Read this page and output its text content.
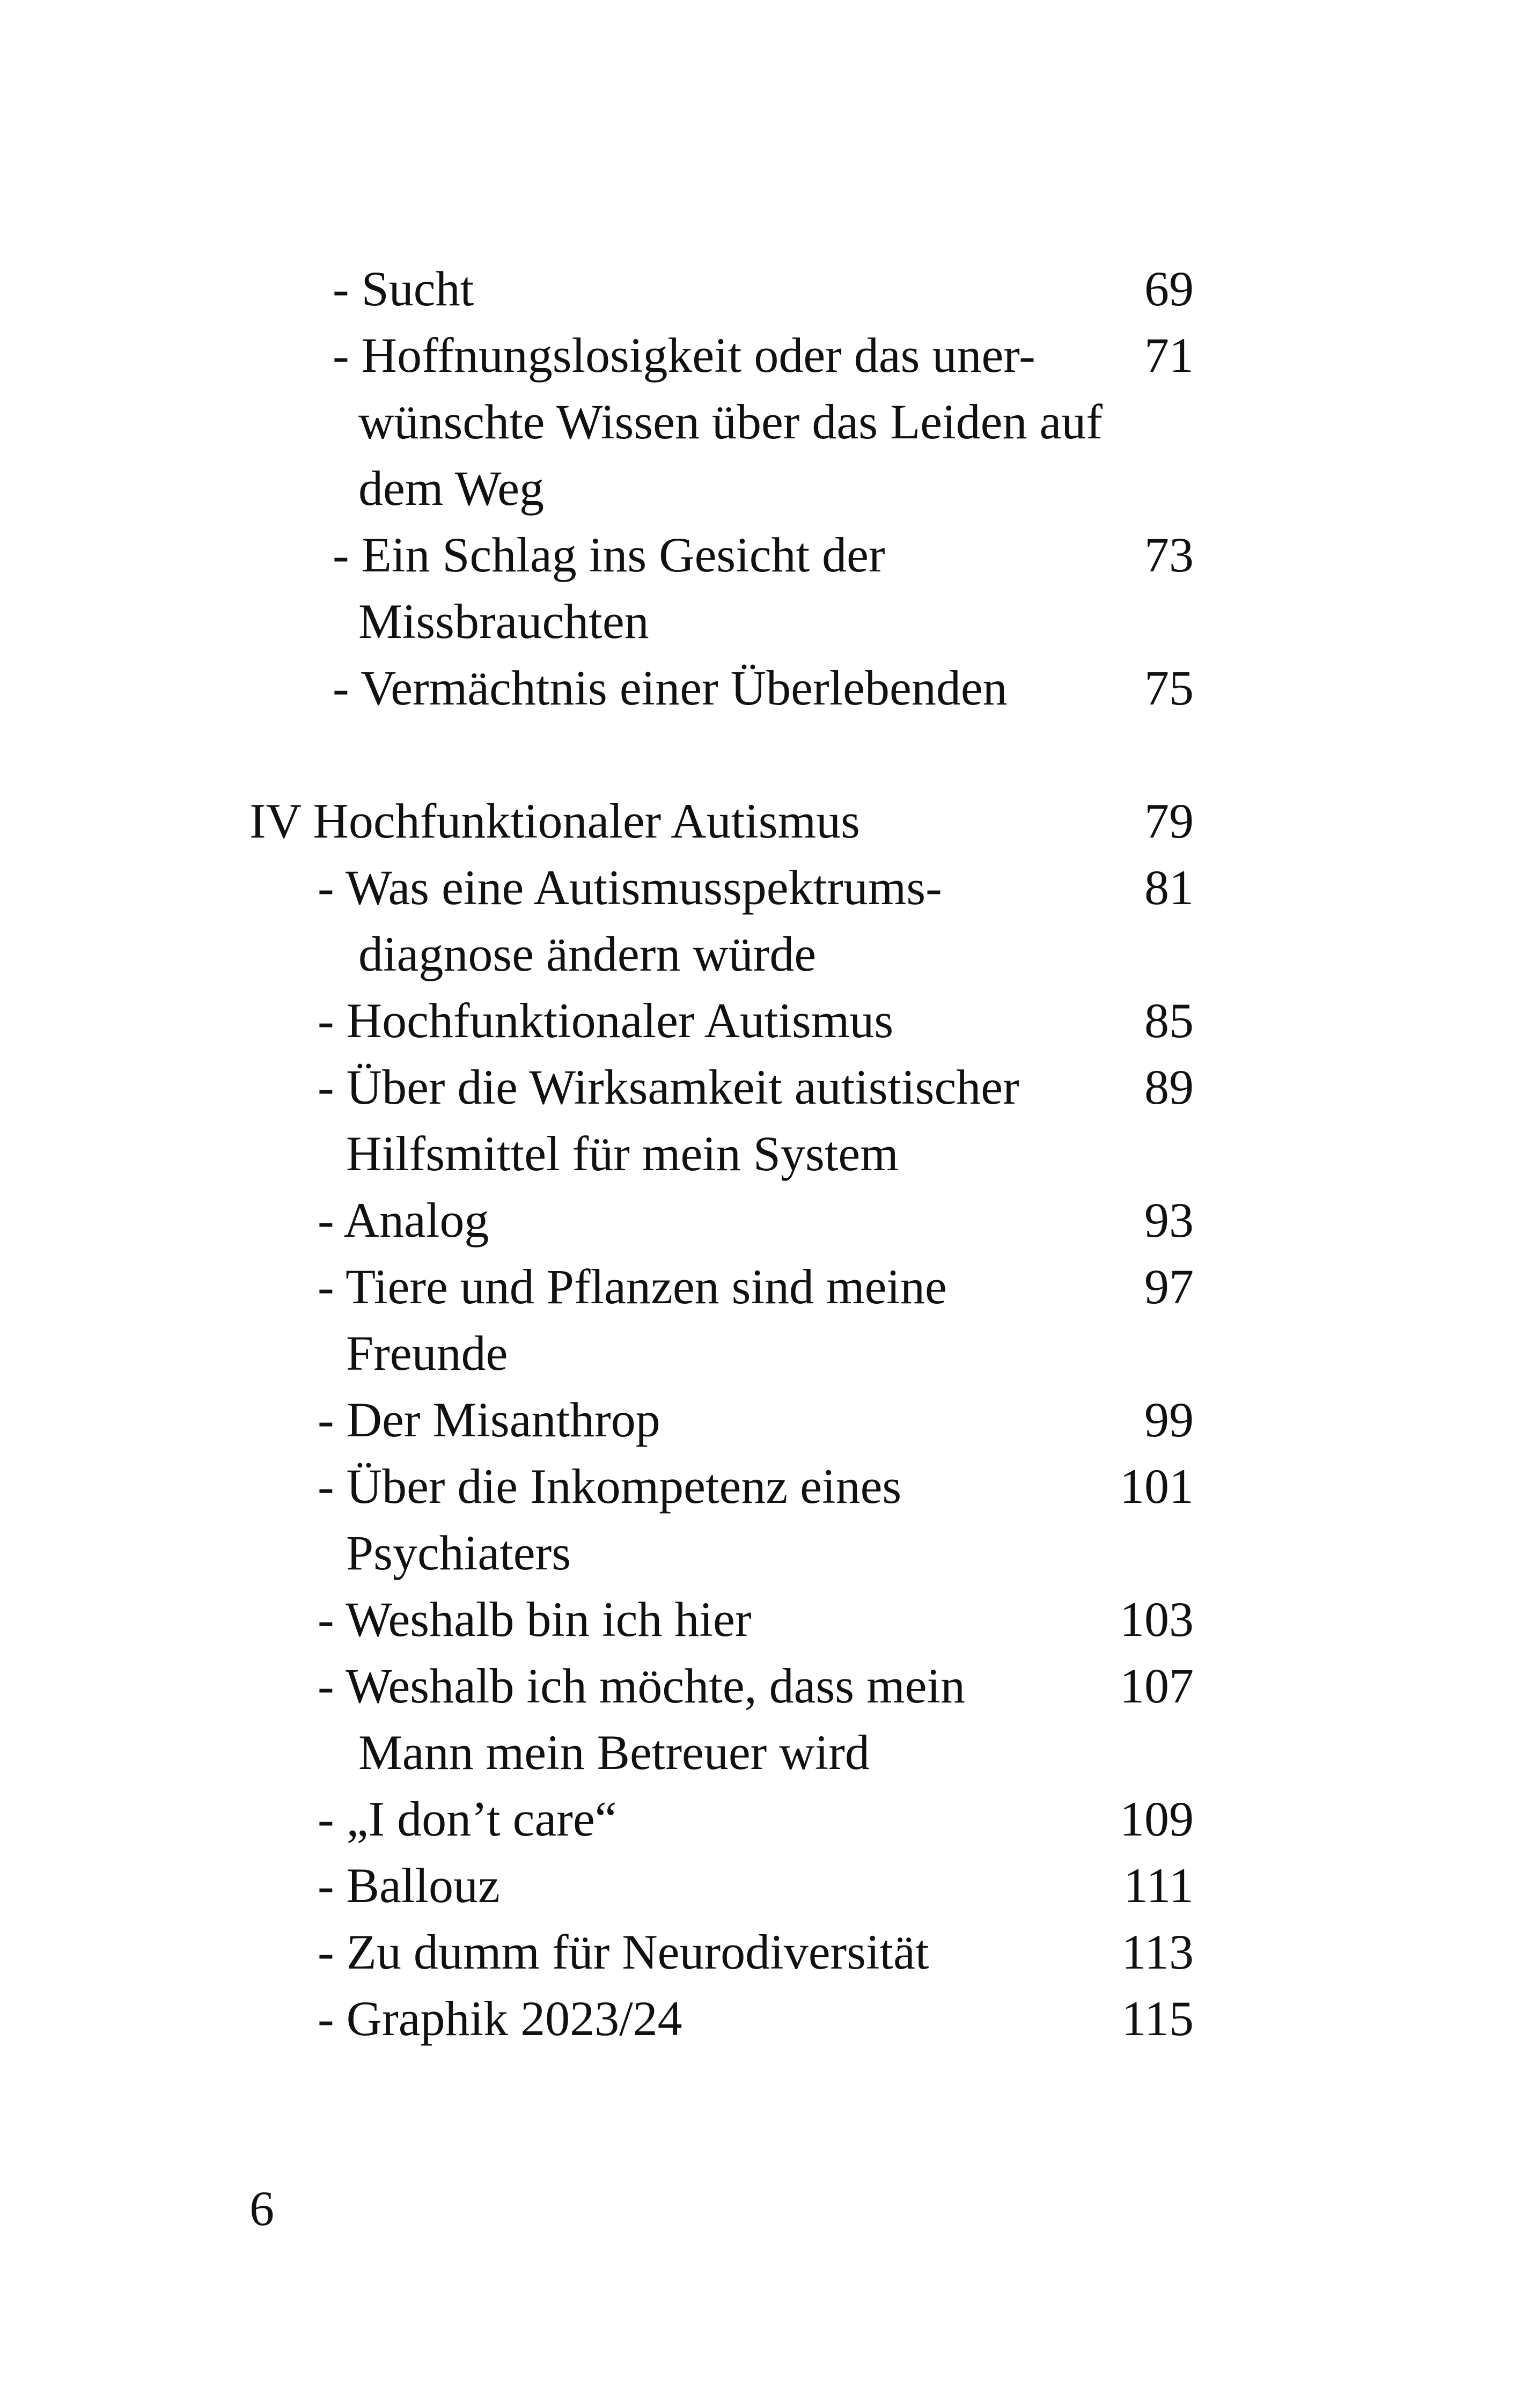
- Sucht	69
- Hoffnungslosigkeit oder das uner- 71
wünschte Wissen über das Leiden auf
dem Weg
- Ein Schlag ins Gesicht der	73
Missbrauchten
- Vermächtnis einer Überlebenden	75
IV Hochfunktionaler Autismus	79
- Was eine Autismusspektrums-	81
diagnose ändern würde
- Hochfunktionaler Autismus	85
- Über die Wirksamkeit autistischer	89
Hilfsmittel für mein System
- Analog	93
- Tiere und Pflanzen sind meine	97
Freunde
- Der Misanthrop	99
- Über die Inkompetenz eines	101
Psychiaters
- Weshalb bin ich hier	103
- Weshalb ich möchte, dass mein	107
Mann mein Betreuer wird
- „I don’t care“	109
- Ballouz	111
- Zu dumm für Neurodiversität	113
- Graphik 2023/24	115
6
